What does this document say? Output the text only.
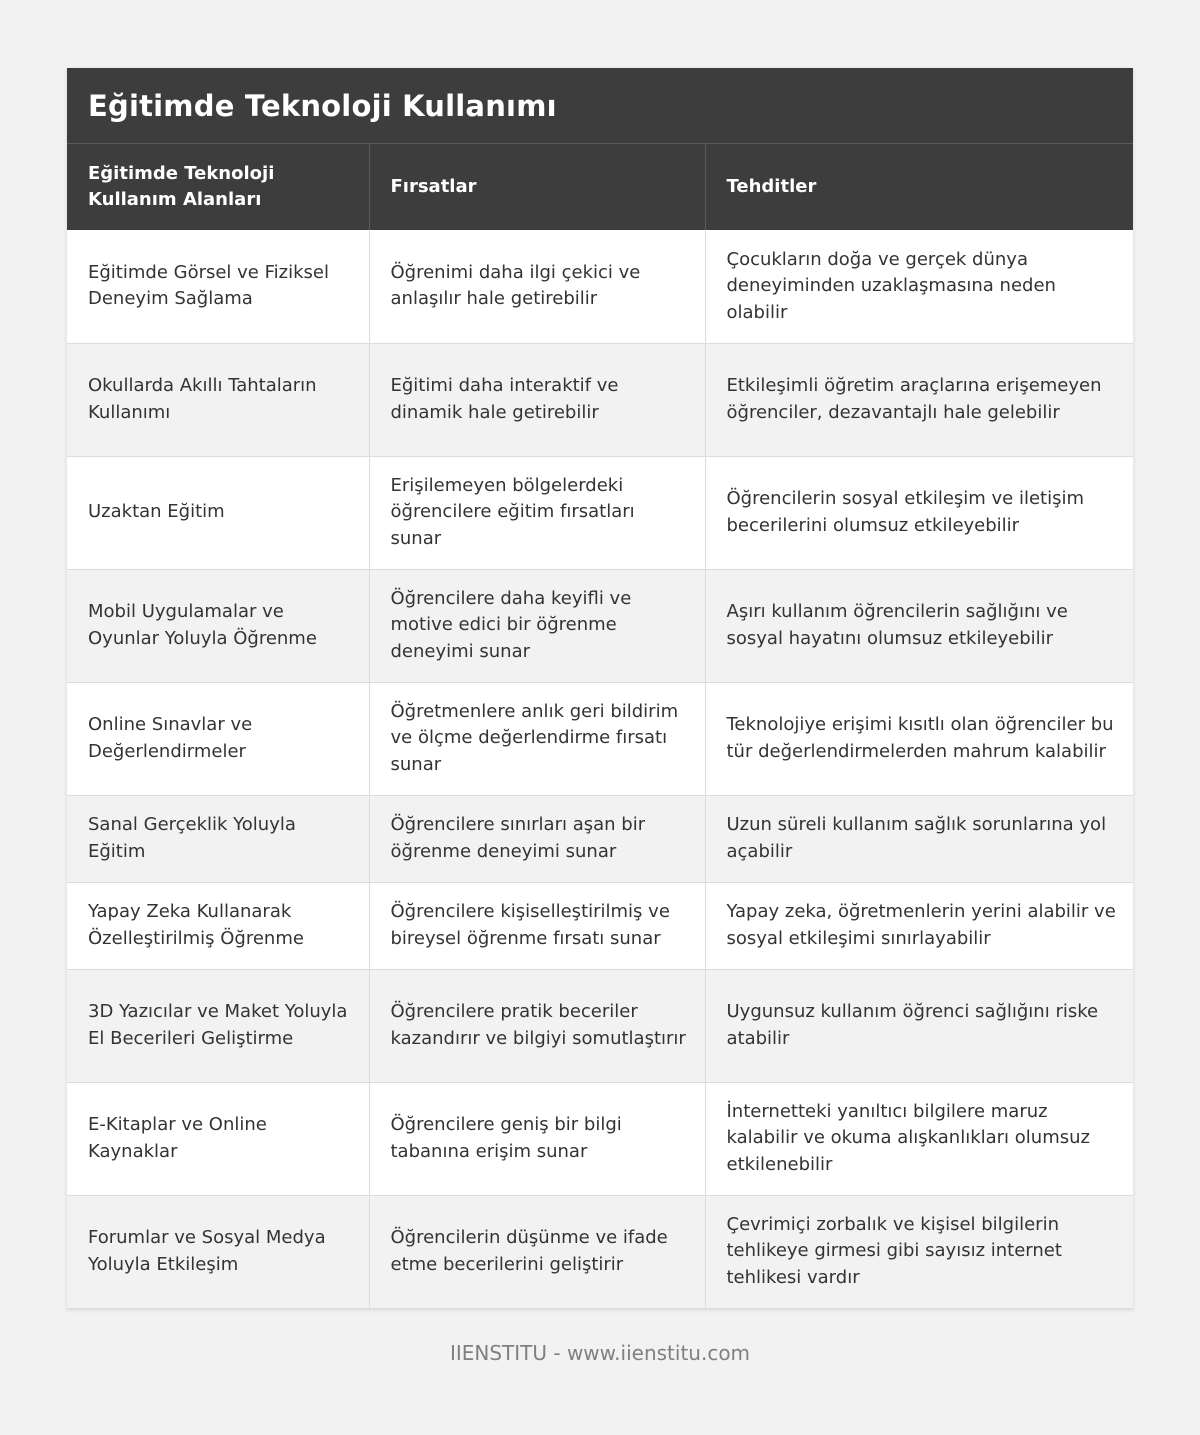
Eğitimde Teknoloji Kullanımı
Eğitimde Teknoloji Kullanım Alanları	Fırsatlar	Tehditler
Eğitimde Görsel ve Fiziksel Deneyim Sağlama	Öğrenimi daha ilgi çekici ve anlaşılır hale getirebilir	Çocukların doğa ve gerçek dünya deneyiminden uzaklaşmasına neden olabilir
Okullarda Akıllı Tahtaların Kullanımı	Eğitimi daha interaktif ve dinamik hale getirebilir	Etkileşimli öğretim araçlarına erişemeyen öğrenciler, dezavantajlı hale gelebilir
Uzaktan Eğitim	Erişilemeyen bölgelerdeki öğrencilere eğitim fırsatları sunar	Öğrencilerin sosyal etkileşim ve iletişim becerilerini olumsuz etkileyebilir
Mobil Uygulamalar ve Oyunlar Yoluyla Öğrenme	Öğrencilere daha keyifli ve motive edici bir öğrenme deneyimi sunar	Aşırı kullanım öğrencilerin sağlığını ve sosyal hayatını olumsuz etkileyebilir
Online Sınavlar ve Değerlendirmeler	Öğretmenlere anlık geri bildirim ve ölçme değerlendirme fırsatı sunar	Teknolojiye erişimi kısıtlı olan öğrenciler bu tür değerlendirmelerden mahrum kalabilir
Sanal Gerçeklik Yoluyla Eğitim	Öğrencilere sınırları aşan bir öğrenme deneyimi sunar	Uzun süreli kullanım sağlık sorunlarına yol açabilir
Yapay Zeka Kullanarak Özelleştirilmiş Öğrenme	Öğrencilere kişiselleştirilmiş ve bireysel öğrenme fırsatı sunar	Yapay zeka, öğretmenlerin yerini alabilir ve sosyal etkileşimi sınırlayabilir
3D Yazıcılar ve Maket Yoluyla El Becerileri Geliştirme	Öğrencilere pratik beceriler kazandırır ve bilgiyi somutlaştırır	Uygunsuz kullanım öğrenci sağlığını riske atabilir
E-Kitaplar ve Online Kaynaklar	Öğrencilere geniş bir bilgi tabanına erişim sunar	İnternetteki yanıltıcı bilgilere maruz kalabilir ve okuma alışkanlıkları olumsuz etkilenebilir
Forumlar ve Sosyal Medya Yoluyla Etkileşim	Öğrencilerin düşünme ve ifade etme becerilerini geliştirir	Çevrimiçi zorbalık ve kişisel bilgilerin tehlikeye girmesi gibi sayısız internet tehlikesi vardır
IIENSTITU - www.iienstitu.com
